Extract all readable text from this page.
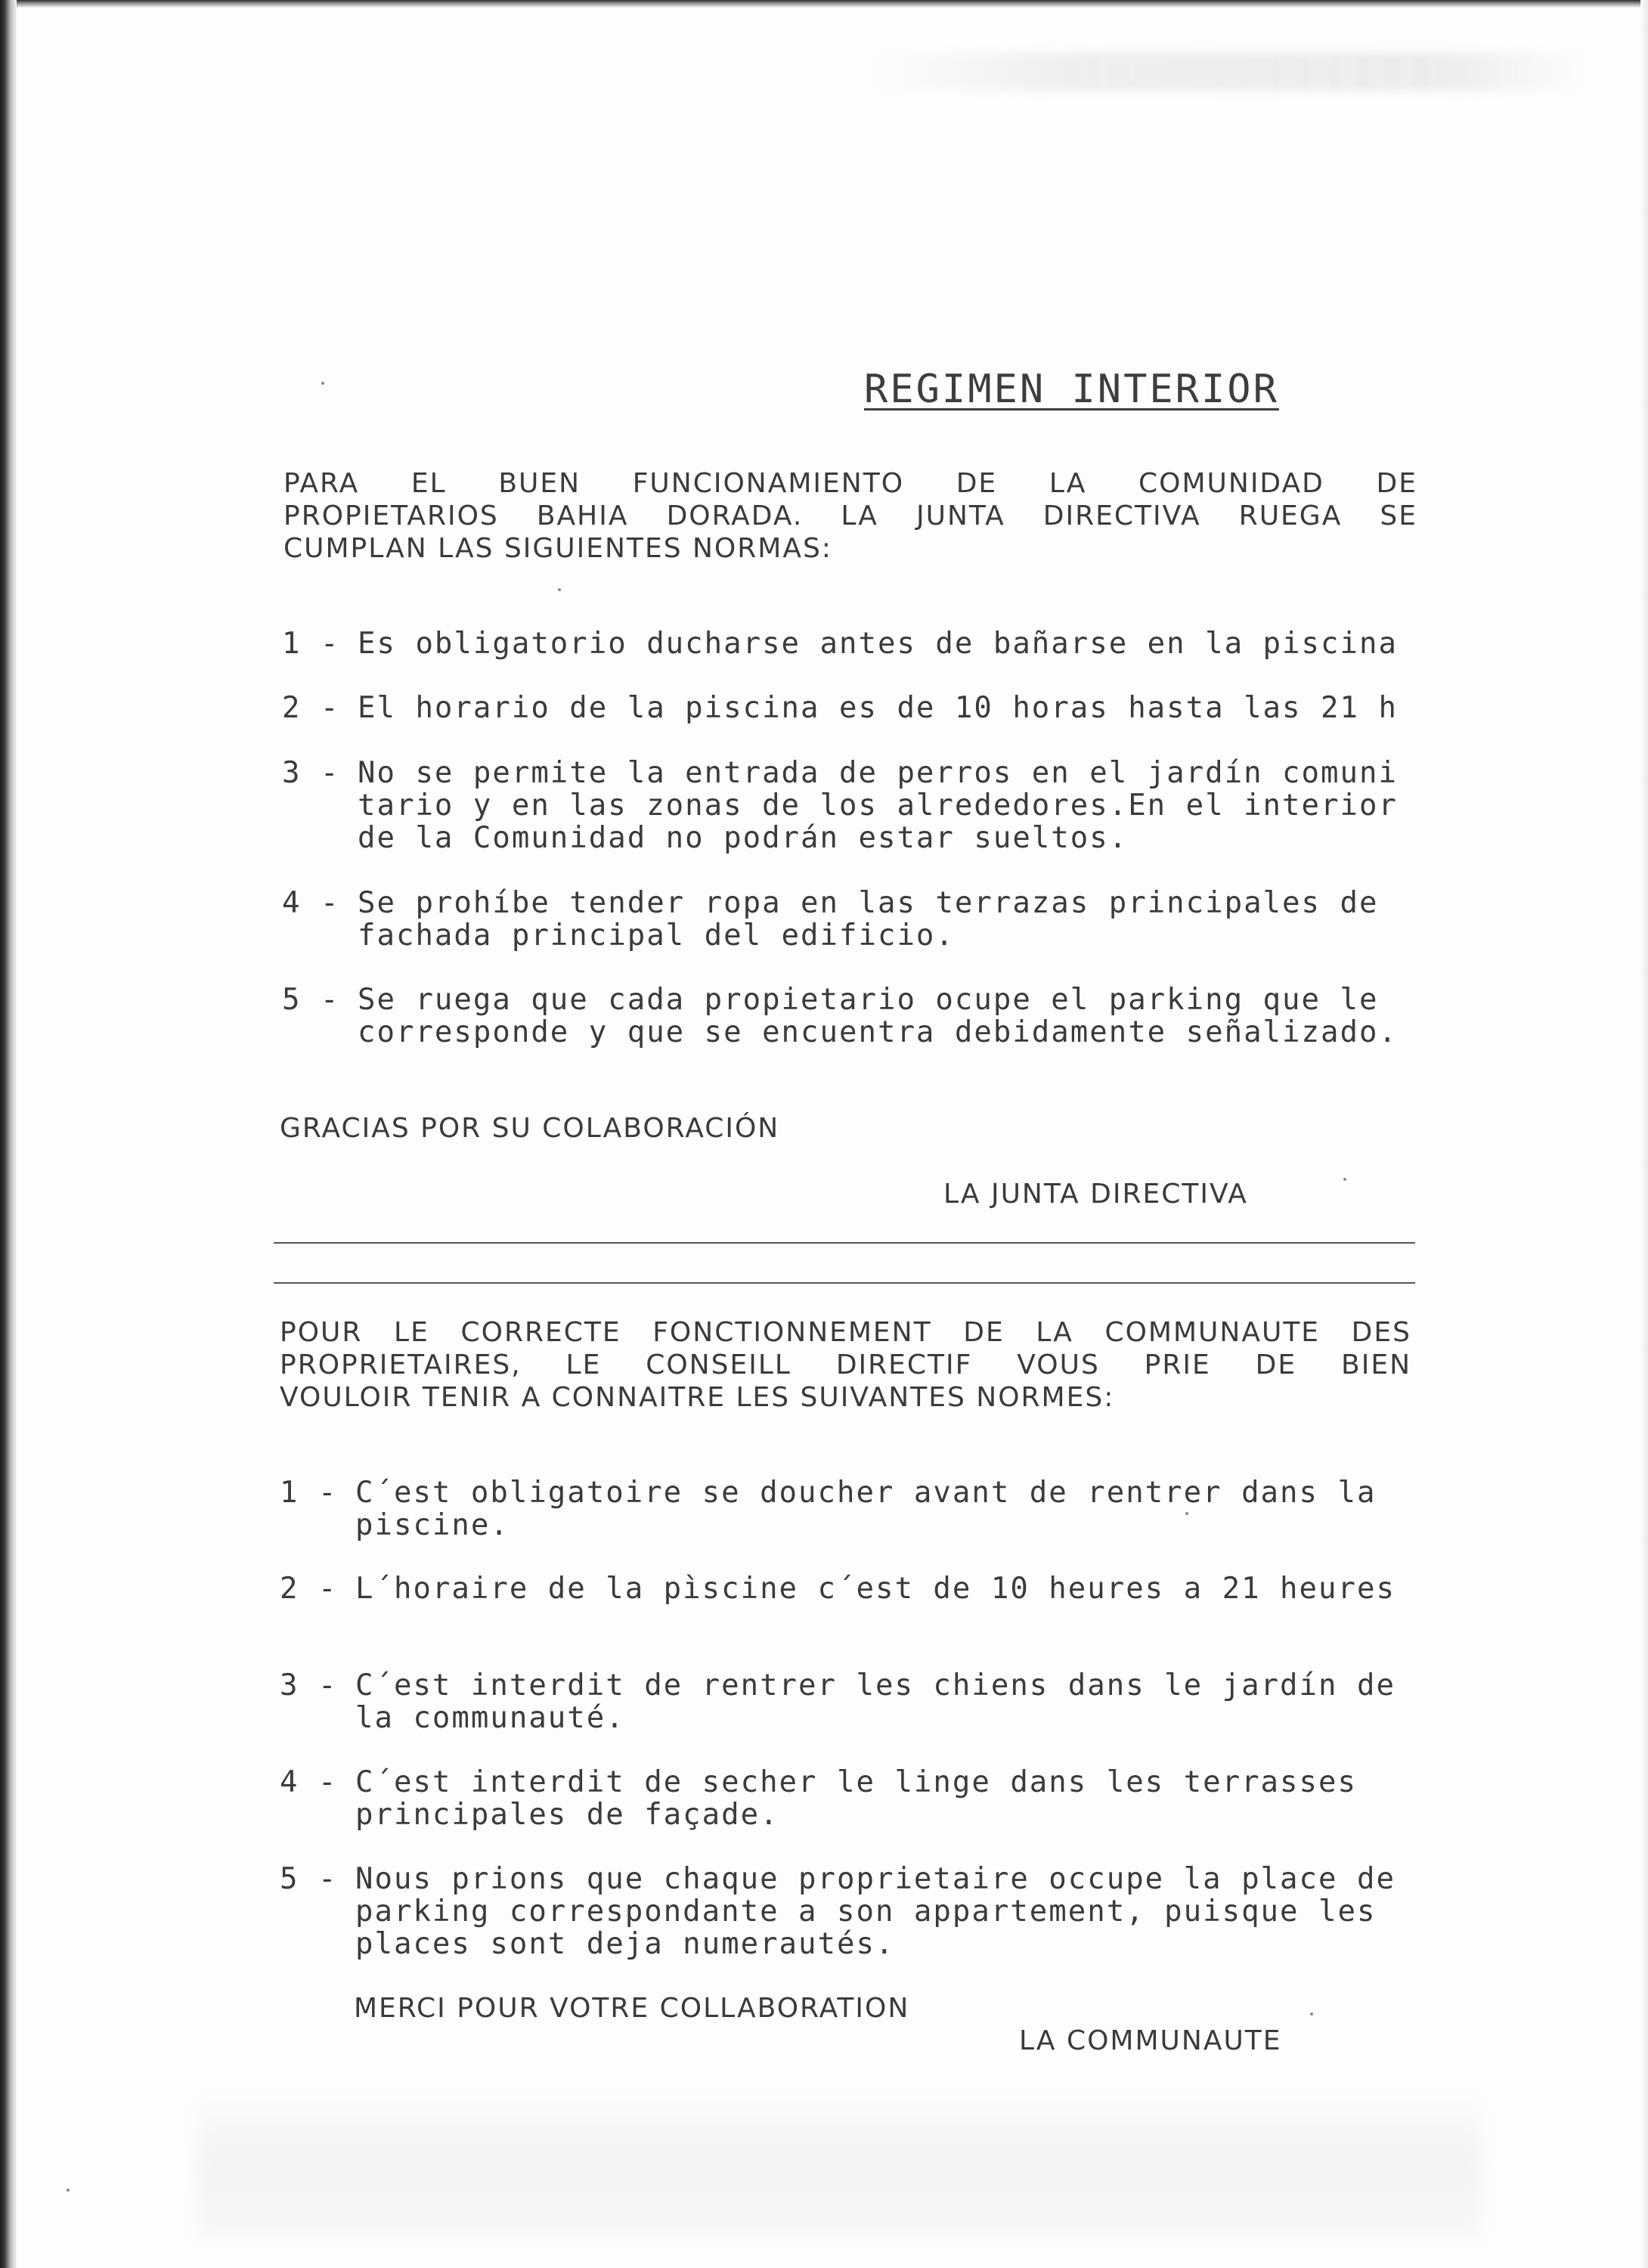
REGIMEN INTERIOR
PARA EL BUEN FUNCIONAMIENTO DE LA COMUNIDAD DE
PROPIETARIOS BAHIA DORADA. LA JUNTA DIRECTIVA RUEGA SE
CUMPLAN LAS SIGUIENTES NORMAS:
1 - Es obligatorio ducharse antes de bañarse en la piscina
2 - El horario de la piscina es de 10 horas hasta las 21 h
3 - No se permite la entrada de perros en el jardín comuni
tario y en las zonas de los alrededores.En el interior
de la Comunidad no podrán estar sueltos.
4 - Se prohíbe tender ropa en las terrazas principales de
fachada principal del edificio.
5 - Se ruega que cada propietario ocupe el parking que le
corresponde y que se encuentra debidamente señalizado.
GRACIAS POR SU COLABORACIÓN
LA JUNTA DIRECTIVA
POUR LE CORRECTE FONCTIONNEMENT DE LA COMMUNAUTE DES
PROPRIETAIRES, LE CONSEILL DIRECTIF VOUS PRIE DE BIEN
VOULOIR TENIR A CONNAITRE LES SUIVANTES NORMES:
1 - C´est obligatoire se doucher avant de rentrer dans la
piscine.
2 - L´horaire de la pìscine c´est de 10 heures a 21 heures
3 - C´est interdit de rentrer les chiens dans le jardín de
la communauté.
4 - C´est interdit de secher le linge dans les terrasses
principales de façade.
5 - Nous prions que chaque proprietaire occupe la place de
parking correspondante a son appartement, puisque les
places sont deja numerautés.
MERCI POUR VOTRE COLLABORATION
LA COMMUNAUTE
